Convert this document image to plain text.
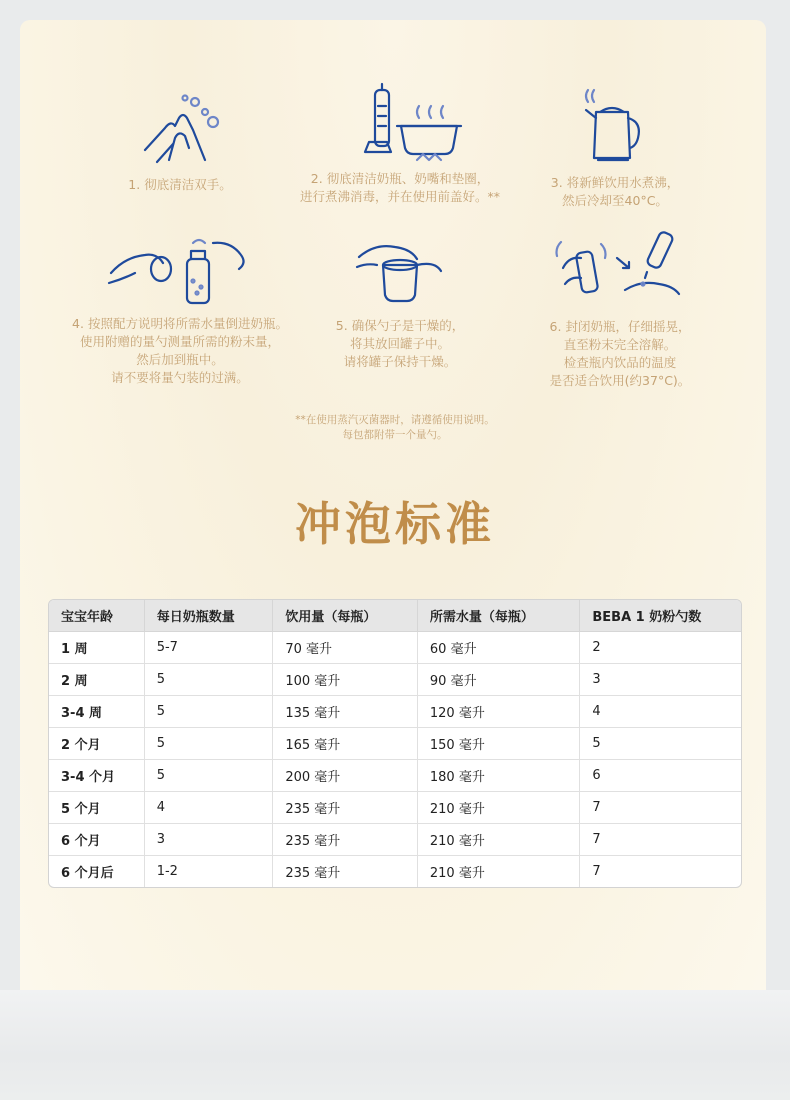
1. 彻底清洁双手。	2. 彻底清洁奶瓶、奶嘴和垫圈，
进行煮沸消毒，并在使用前盖好。**
3. 将新鲜饮用水煮沸，
然后冷却至40°C。
4. 按照配方说明将所需水量倒进奶瓶。
使用附赠的量勺测量所需的粉末量，
然后加到瓶中。
请不要将量勺装的过满。
5. 确保勺子是干燥的，
将其放回罐子中。
请将罐子保持干燥。
6. 封闭奶瓶，仔细摇晃，
直至粉末完全溶解。
检查瓶内饮品的温度
是否适合饮用(约37°C)。
**在使用蒸汽灭菌器时，请遵循使用说明。
每包都附带一个量勺。
冲泡标准
宝宝年龄	每日奶瓶数量	饮用量（每瓶）	所需水量（每瓶）	BEBA 1 奶粉勺数
1 周	5-7	70 毫升	60 毫升	2
2 周	5	100 毫升	90 毫升	3
3-4 周	5	135 毫升	120 毫升	4
2 个月	5	165 毫升	150 毫升	5
3-4 个月	5	200 毫升	180 毫升	6
5 个月	4	235 毫升	210 毫升	7
6 个月	3	235 毫升	210 毫升	7
6 个月后	1-2	235 毫升	210 毫升	7
